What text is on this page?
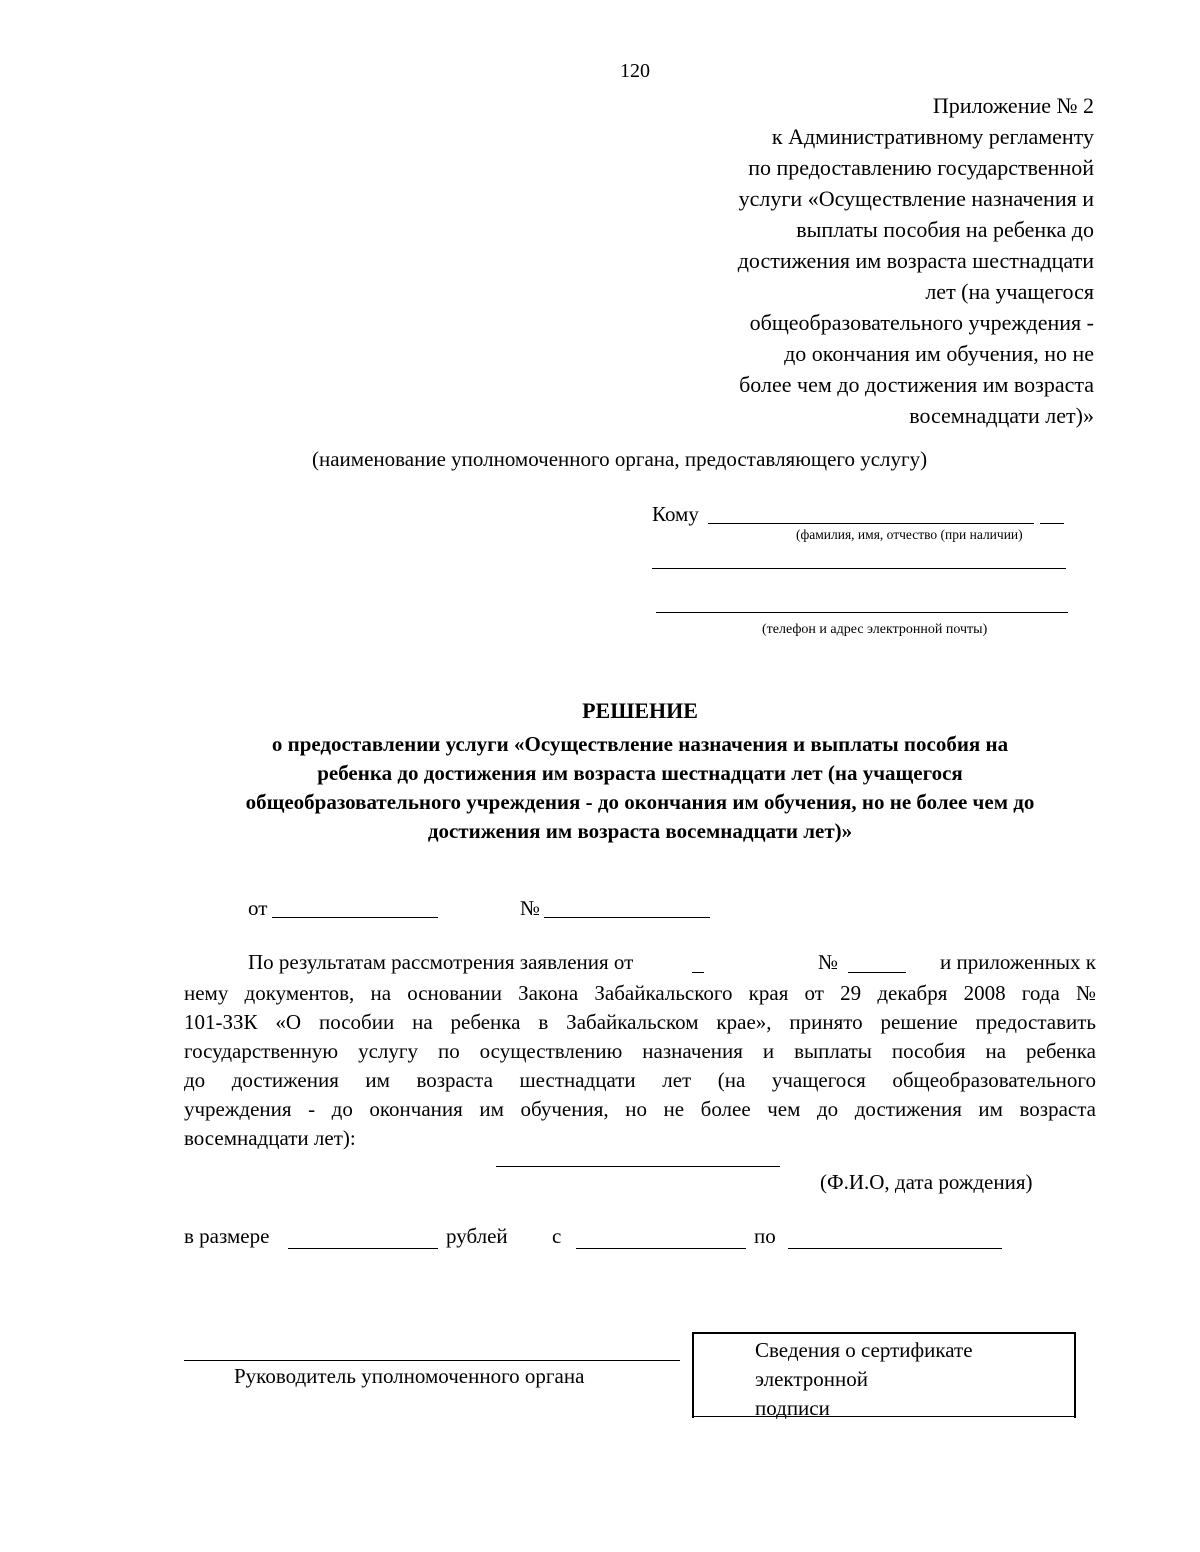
120
Приложение № 2
к Административному регламенту
по предоставлению государственной
услуги «Осуществление назначения и
выплаты пособия на ребенка до
достижения им возраста шестнадцати
лет (на учащегося
общеобразовательного учреждения -
до окончания им обучения, но не
более чем до достижения им возраста
восемнадцати лет)»
(наименование уполномоченного органа, предоставляющего услугу)
Кому
(фамилия, имя, отчество (при наличии)
(телефон и адрес электронной почты)
РЕШЕНИЕ
о предоставлении услуги «Осуществление назначения и выплаты пособия на
ребенка до достижения им возраста шестнадцати лет (на учащегося
общеобразовательного учреждения - до окончания им обучения, но не более чем до
достижения им возраста восемнадцати лет)»
от	№
По результатам рассмотрения заявления от	№	и приложенных к
нему документов, на основании Закона Забайкальского края от 29 декабря 2008 года №
101-ЗЗК «О пособии на ребенка в Забайкальском крае», принято решение предоставить
государственную услугу по осуществлению назначения и выплаты пособия на ребенка
до достижения им возраста шестнадцати лет (на учащегося общеобразовательного
учреждения - до окончания им обучения, но не более чем до достижения им возраста
восемнадцати лет):
(Ф.И.О, дата рождения)
в размере	рублей с	по
Руководитель уполномоченного органа
Сведения о сертификате
электронной
подписи
